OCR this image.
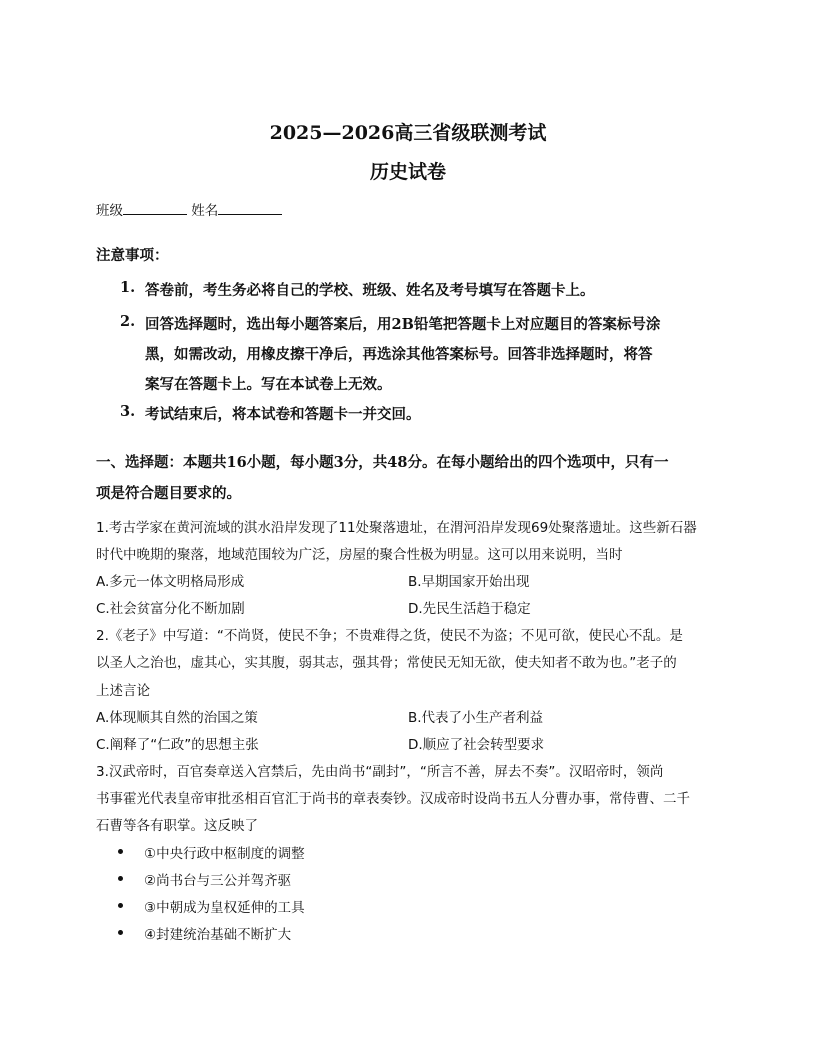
2025—2026高三省级联测考试
历史试卷
班级	姓名
注意事项：
1. 答卷前，考生务必将自己的学校、班级、姓名及考号填写在答题卡上。
2. 回答选择题时，选出每小题答案后，用2B铅笔把答题卡上对应题目的答案标号涂
黑，如需改动，用橡皮擦干净后，再选涂其他答案标号。回答非选择题时，将答
案写在答题卡上。写在本试卷上无效。
3. 考试结束后，将本试卷和答题卡一并交回。
一、选择题：本题共16小题，每小题3分，共48分。在每小题给出的四个选项中，只有一
项是符合题目要求的。
1.考古学家在黄河流域的淇水沿岸发现了11处聚落遗址，在渭河沿岸发现69处聚落遗址。这些新石器
时代中晚期的聚落，地域范围较为广泛，房屋的聚合性极为明显。这可以用来说明，当时
A.多元一体文明格局形成	B.早期国家开始出现
C.社会贫富分化不断加剧	D.先民生活趋于稳定
2.《老子》中写道：“不尚贤，使民不争；不贵难得之货，使民不为盗；不见可欲，使民心不乱。是
以圣人之治也，虚其心，实其腹，弱其志，强其骨；常使民无知无欲，使夫知者不敢为也。”老子的
上述言论
A.体现顺其自然的治国之策	B.代表了小生产者利益
C.阐释了“仁政”的思想主张	D.顺应了社会转型要求
3.汉武帝时，百官奏章送入宫禁后，先由尚书“副封”，“所言不善，屏去不奏”。汉昭帝时，领尚
书事霍光代表皇帝审批丞相百官汇于尚书的章表奏钞。汉成帝时设尚书五人分曹办事，常侍曹、二千
石曹等各有职掌。这反映了
①中央行政中枢制度的调整
②尚书台与三公并驾齐驱
③中朝成为皇权延伸的工具
④封建统治基础不断扩大
